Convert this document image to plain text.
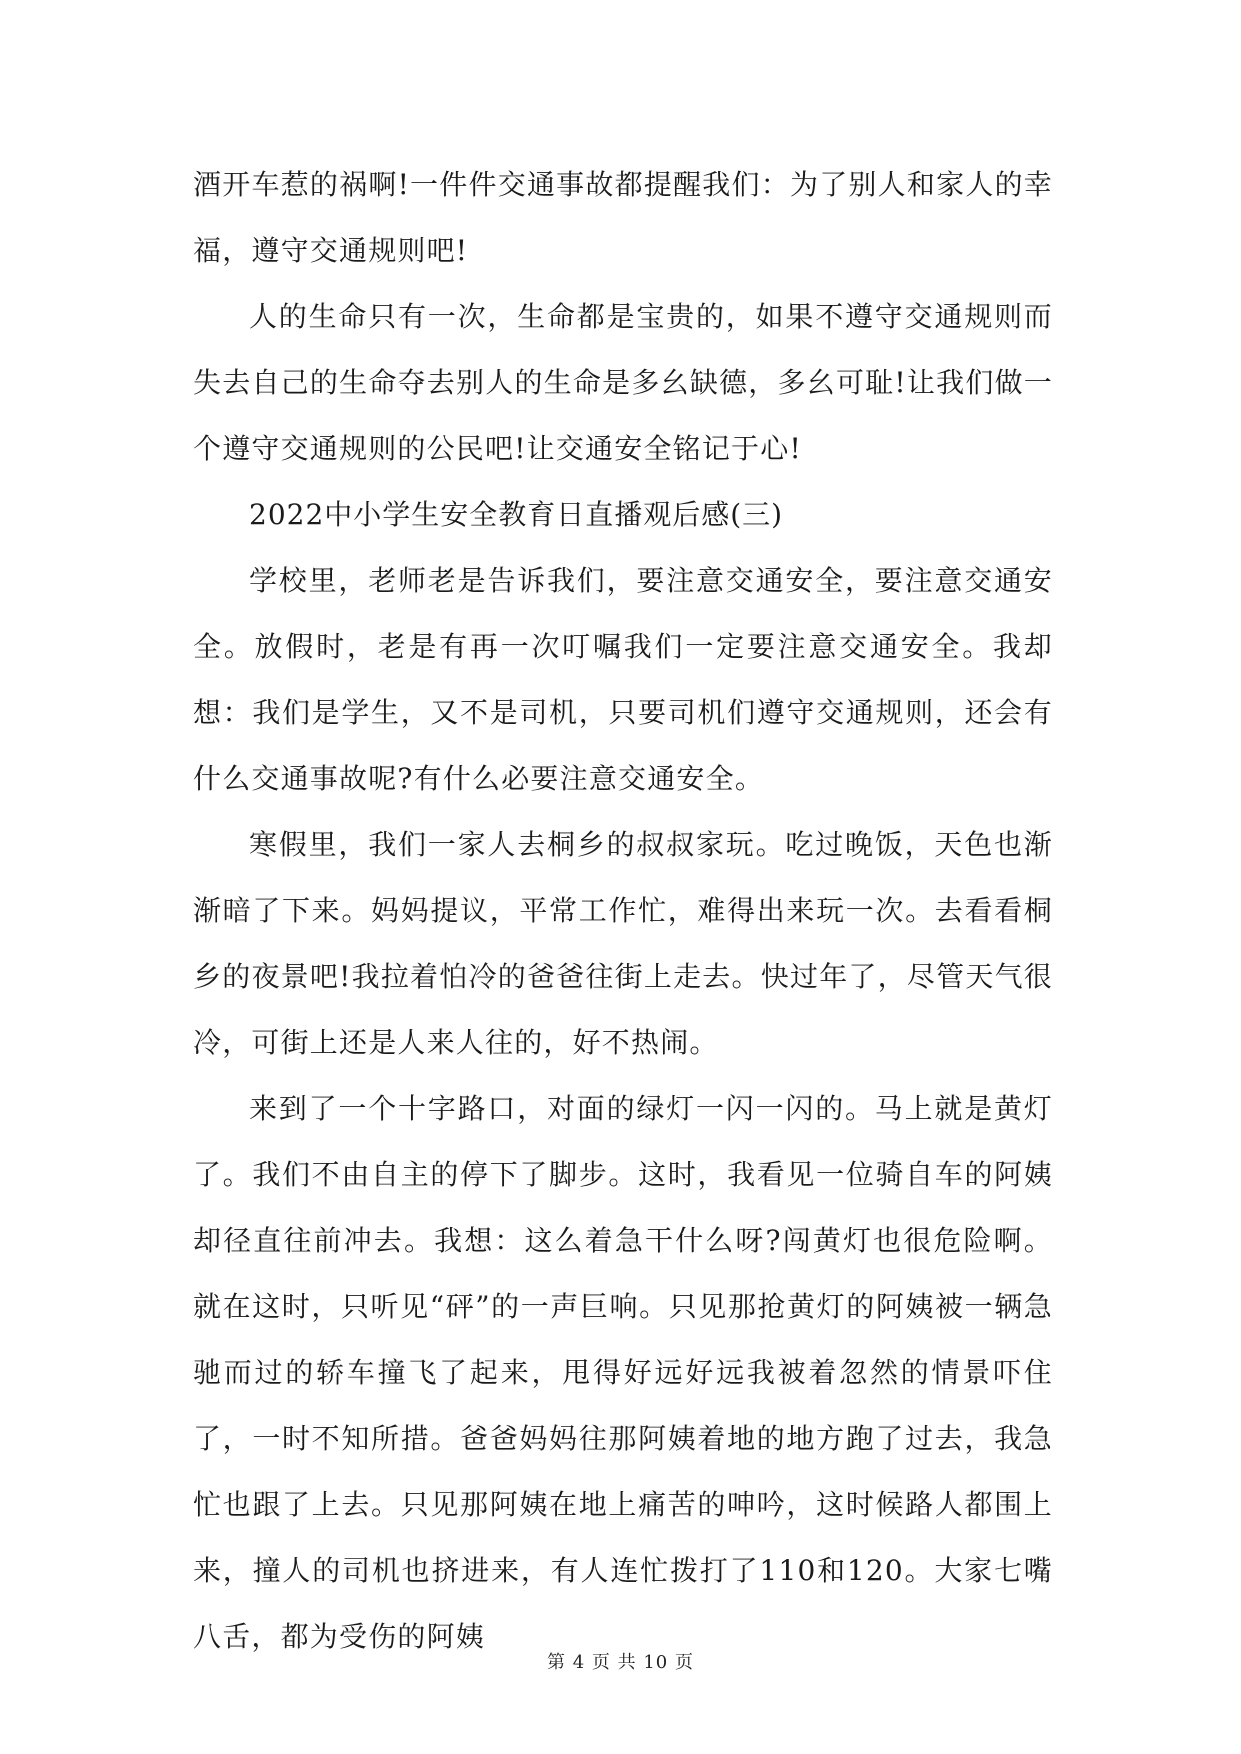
酒开车惹的祸啊!一件件交通事故都提醒我们：为了别人和家人的幸福，遵守交通规则吧!

人的生命只有一次，生命都是宝贵的，如果不遵守交通规则而失去自己的生命夺去别人的生命是多幺缺德，多幺可耻!让我们做一个遵守交通规则的公民吧!让交通安全铭记于心!

2022中小学生安全教育日直播观后感(三)

学校里，老师老是告诉我们，要注意交通安全，要注意交通安全。放假时，老是有再一次叮嘱我们一定要注意交通安全。我却想：我们是学生，又不是司机，只要司机们遵守交通规则，还会有什么交通事故呢?有什么必要注意交通安全。

寒假里，我们一家人去桐乡的叔叔家玩。吃过晚饭，天色也渐渐暗了下来。妈妈提议，平常工作忙，难得出来玩一次。去看看桐乡的夜景吧!我拉着怕冷的爸爸往街上走去。快过年了，尽管天气很冷，可街上还是人来人往的，好不热闹。

来到了一个十字路口，对面的绿灯一闪一闪的。马上就是黄灯了。我们不由自主的停下了脚步。这时，我看见一位骑自车的阿姨却径直往前冲去。我想：这么着急干什么呀?闯黄灯也很危险啊。就在这时，只听见“砰”的一声巨响。只见那抢黄灯的阿姨被一辆急驰而过的轿车撞飞了起来，甩得好远好远我被着忽然的情景吓住了，一时不知所措。爸爸妈妈往那阿姨着地的地方跑了过去，我急忙也跟了上去。只见那阿姨在地上痛苦的呻吟，这时候路人都围上来，撞人的司机也挤进来，有人连忙拨打了110和120。大家七嘴八舌，都为受伤的阿姨

第 4 页 共 10 页
